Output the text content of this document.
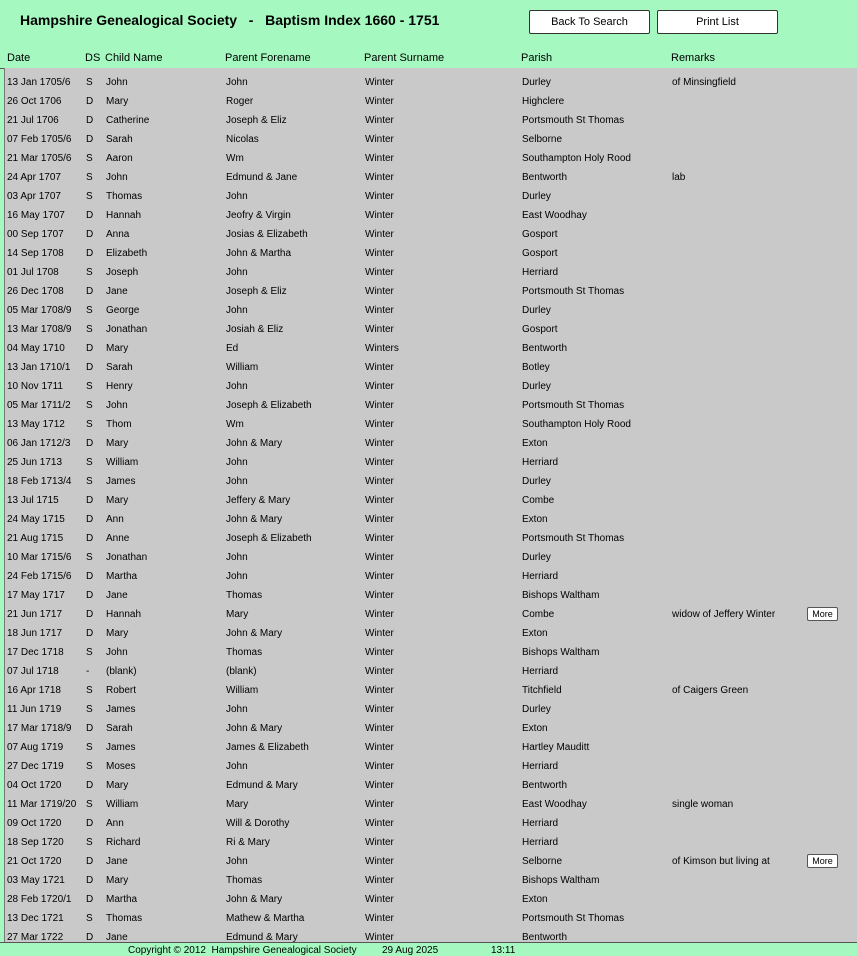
Hampshire Genealogical Society   -   Baptism Index 1660 - 1751	Back To Search	Print List
Date	DS Child Name	Parent Forename	Parent Surname	Parish	Remarks
13 Jan 1705/6 S John	John	Winter	Durley	of Minsingfield
26 Oct 1706 D Mary	Roger	Winter	Highclere
21 Jul 1706	D Catherine	Joseph & Eliz	Winter	Portsmouth St Thomas
07 Feb 1705/6 D Sarah	Nicolas	Winter	Selborne
21 Mar 1705/6 S Aaron	Wm	Winter	Southampton Holy Rood
24 Apr 1707	S John	Edmund & Jane	Winter	Bentworth	lab
03 Apr 1707	S Thomas	John	Winter	Durley
16 May 1707 D Hannah	Jeofry & Virgin	Winter	East Woodhay
00 Sep 1707 D Anna	Josias & Elizabeth	Winter	Gosport
14 Sep 1708 D Elizabeth	John & Martha	Winter	Gosport
01 Jul 1708	S Joseph	John	Winter	Herriard
26 Dec 1708 D Jane	Joseph & Eliz	Winter	Portsmouth St Thomas
05 Mar 1708/9 S George	John	Winter	Durley
13 Mar 1708/9 S Jonathan	Josiah & Eliz	Winter	Gosport
04 May 1710 D Mary	Ed	Winters	Bentworth
13 Jan 1710/1 D Sarah	William	Winter	Botley
10 Nov 1711 S Henry	John	Winter	Durley
05 Mar 1711/2 S John	Joseph & Elizabeth	Winter	Portsmouth St Thomas
13 May 1712 S Thom	Wm	Winter	Southampton Holy Rood
06 Jan 1712/3 D Mary	John & Mary	Winter	Exton
25 Jun 1713 S William	John	Winter	Herriard
18 Feb 1713/4 S James	John	Winter	Durley
13 Jul 1715	D Mary	Jeffery & Mary	Winter	Combe
24 May 1715 D Ann	John & Mary	Winter	Exton
21 Aug 1715 D Anne	Joseph & Elizabeth	Winter	Portsmouth St Thomas
10 Mar 1715/6 S Jonathan	John	Winter	Durley
24 Feb 1715/6 D Martha	John	Winter	Herriard
17 May 1717 D Jane	Thomas	Winter	Bishops Waltham
21 Jun 1717 D Hannah	Mary	Winter	Combe	widow of Jeffery Winter	More
18 Jun 1717 D Mary	John & Mary	Winter	Exton
17 Dec 1718 S John	Thomas	Winter	Bishops Waltham
07 Jul 1718	- (blank)	(blank)	Winter	Herriard
16 Apr 1718	S Robert	William	Winter	Titchfield	of Caigers Green
11 Jun 1719 S James	John	Winter	Durley
17 Mar 1718/9 D Sarah	John & Mary	Winter	Exton
07 Aug 1719 S James	James & Elizabeth	Winter	Hartley Mauditt
27 Dec 1719 S Moses	John	Winter	Herriard
04 Oct 1720 D Mary	Edmund & Mary	Winter	Bentworth
11 Mar 1719/20 S William	Mary	Winter	East Woodhay	single woman
09 Oct 1720 D Ann	Will & Dorothy	Winter	Herriard
18 Sep 1720 S Richard	Ri & Mary	Winter	Herriard
21 Oct 1720 D Jane	John	Winter	Selborne	of Kimson but living at	More
03 May 1721 D Mary	Thomas	Winter	Bishops Waltham
28 Feb 1720/1 D Martha	John & Mary	Winter	Exton
13 Dec 1721 S Thomas	Mathew & Martha	Winter	Portsmouth St Thomas
27 Mar 1722 D Jane	Edmund & Mary	Winter	Bentworth
Copyright © 2012  Hampshire Genealogical Society	29 Aug 2025	13:11
